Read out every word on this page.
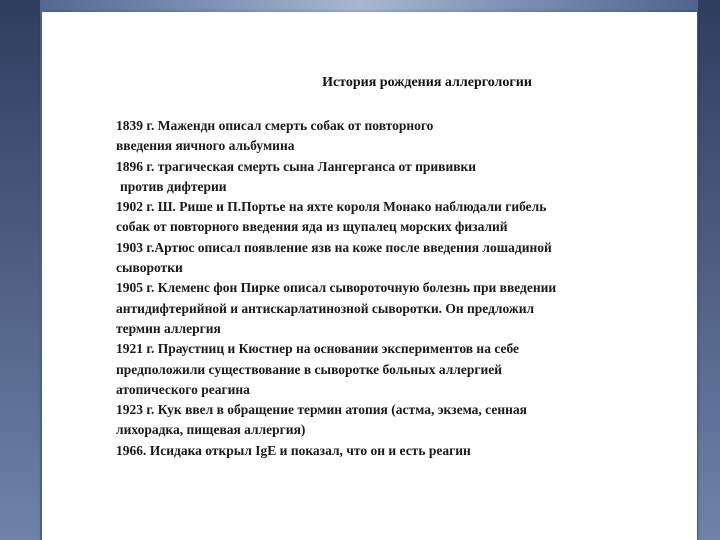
История рождения аллергологии
1839 г. Мажендн описал смерть собак от повторного
введения яичного альбумина
1896 г. трагическая смерть сына Лангерганса от прививки
против дифтерии
1902 г. Ш. Рише и П.Портье на яхте короля Монако наблюдали гибель
собак от повторного введения яда из щупалец морских физалий
1903 г.Артюс описал появление язв на коже после введения лошадиной
сыворотки
1905 г. Клеменс фон Пирке описал сывороточную болезнь при введении
антидифтерийной и антискарлатинозной сыворотки. Он предложил
термин аллергия
1921 г. Праустниц и Кюстнер на основании экспериментов на себе
предположили существование в сыворотке больных аллергией
атопического реагина
1923 г. Кук ввел в обращение термин атопия (астма, экзема, сенная
лихорадка, пищевая аллергия)
1966. Исидака открыл IgE и показал, что он и есть реагин
